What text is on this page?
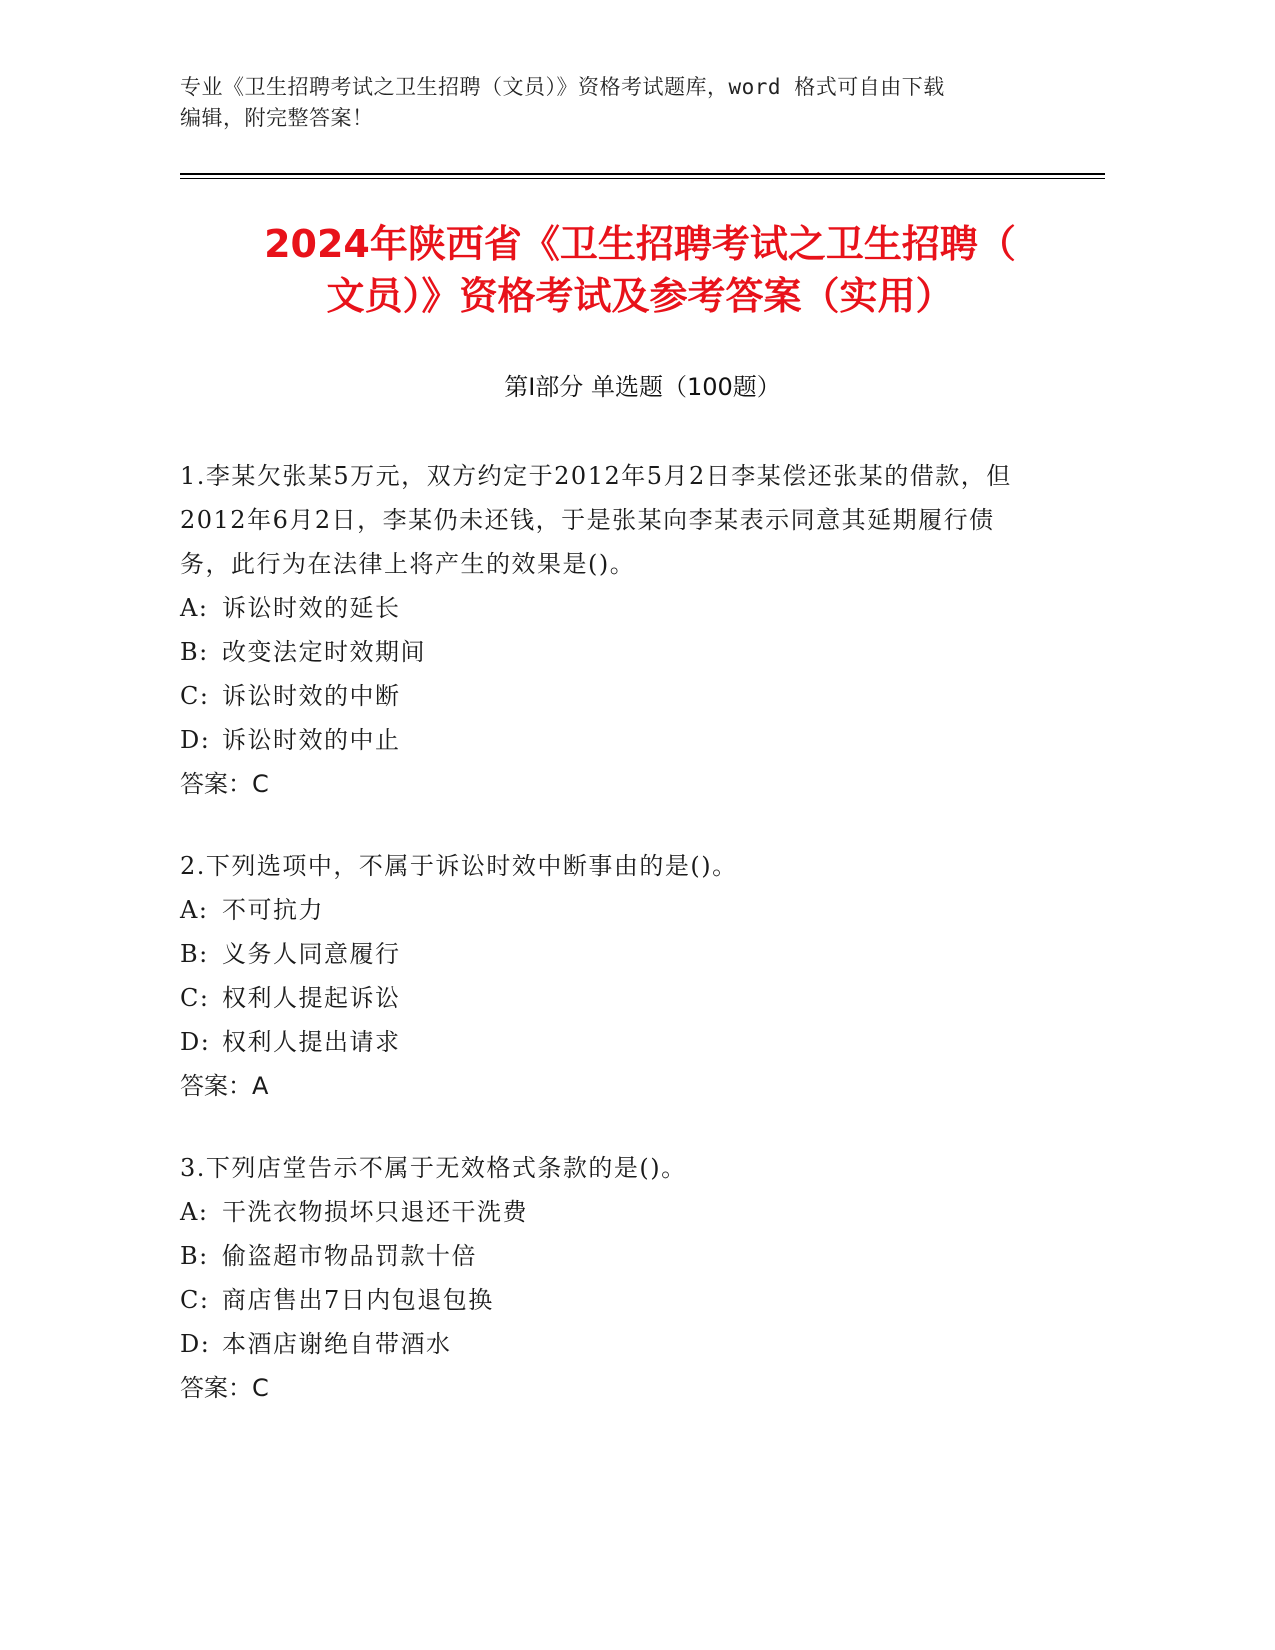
专业《卫生招聘考试之卫生招聘（文员）》资格考试题库，word 格式可自由下载
编辑，附完整答案！
2024年陕西省《卫生招聘考试之卫生招聘（
文员）》资格考试及参考答案（实用）
第Ⅰ部分 单选题（100题）
1.李某欠张某5万元，双方约定于2012年5月2日李某偿还张某的借款，但2012年6月2日，李某仍未还钱，于是张某向李某表示同意其延期履行债务，此行为在法律上将产生的效果是()。
A: 诉讼时效的延长
B: 改变法定时效期间
C: 诉讼时效的中断
D: 诉讼时效的中止
答案：C
2.下列选项中，不属于诉讼时效中断事由的是()。
A: 不可抗力
B: 义务人同意履行
C: 权利人提起诉讼
D: 权利人提出请求
答案：A
3.下列店堂告示不属于无效格式条款的是()。
A: 干洗衣物损坏只退还干洗费
B: 偷盗超市物品罚款十倍
C: 商店售出7日内包退包换
D: 本酒店谢绝自带酒水
答案：C
